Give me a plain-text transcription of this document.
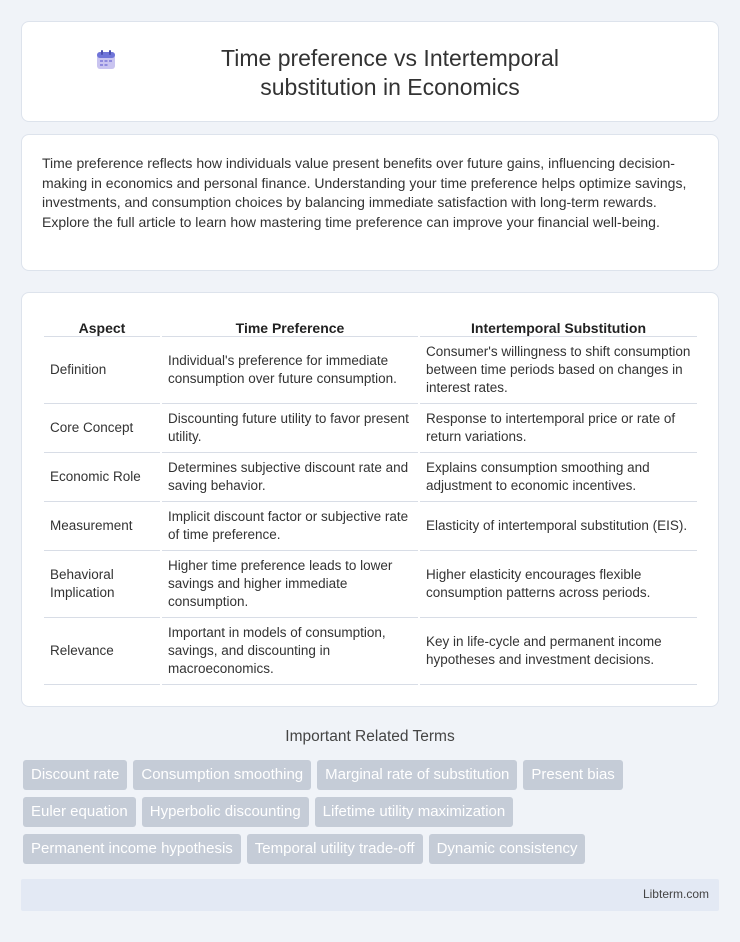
Time preference vs Intertemporal substitution in Economics

Time preference reflects how individuals value present benefits over future gains, influencing decision-making in economics and personal finance. Understanding your time preference helps optimize savings, investments, and consumption choices by balancing immediate satisfaction with long-term rewards. Explore the full article to learn how mastering time preference can improve your financial well-being.

Aspect	Time Preference	Intertemporal Substitution
Definition	Individual's preference for immediate consumption over future consumption.	Consumer's willingness to shift consumption between time periods based on changes in interest rates.
Core Concept	Discounting future utility to favor present utility.	Response to intertemporal price or rate of return variations.
Economic Role	Determines subjective discount rate and saving behavior.	Explains consumption smoothing and adjustment to economic incentives.
Measurement	Implicit discount factor or subjective rate of time preference.	Elasticity of intertemporal substitution (EIS).
Behavioral Implication	Higher time preference leads to lower savings and higher immediate consumption.	Higher elasticity encourages flexible consumption patterns across periods.
Relevance	Important in models of consumption, savings, and discounting in macroeconomics.	Key in life-cycle and permanent income hypotheses and investment decisions.
Important Related Terms
Discount rate	Consumption smoothing	Marginal rate of substitution	Present bias
Euler equation	Hyperbolic discounting	Lifetime utility maximization
Permanent income hypothesis	Temporal utility trade-off	Dynamic consistency
Libterm.com
